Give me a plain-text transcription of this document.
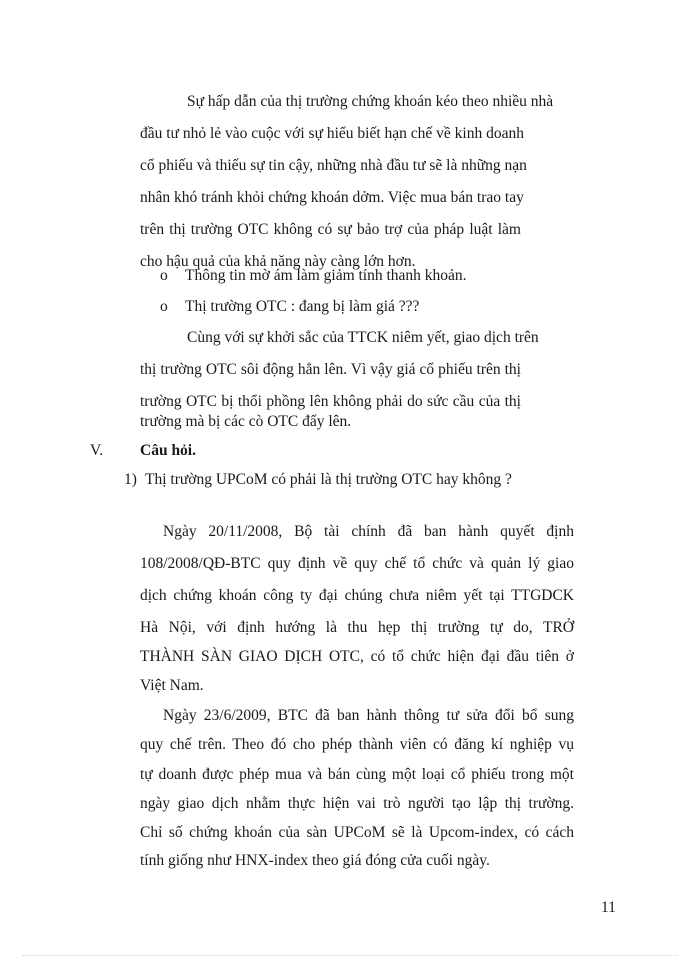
Sự hấp dẫn của thị trường chứng khoán kéo theo nhiều nhà
đầu tư nhỏ lẻ vào cuộc với sự hiểu biết hạn chế về kinh doanh
cổ phiếu và thiếu sự tin cậy, những nhà đầu tư sẽ là những nạn
nhân khó tránh khỏi chứng khoán dởm. Việc mua bán trao tay
trên thị trường OTC không có sự bảo trợ của pháp luật làm
cho hậu quả của khả năng này càng lớn hơn.
o Thông tin mờ ám làm giảm tính thanh khoản.
o Thị trường OTC : đang bị làm giá ???
Cùng với sự khởi sắc của TTCK niêm yết, giao dịch trên
thị trường OTC sôi động hẳn lên. Vì vậy giá cổ phiếu trên thị
trường OTC bị thổi phồng lên không phải do sức cầu của thị
trường mà bị các cò OTC đẩy lên.
V. Câu hỏi.
1) Thị trường UPCoM có phải là thị trường OTC hay không ?
Ngày 20/11/2008, Bộ tài chính đã ban hành quyết định
108/2008/QĐ-BTC quy định về quy chế tổ chức và quản lý giao
dịch chứng khoán công ty đại chúng chưa niêm yết tại TTGDCK
Hà Nội, với định hướng là thu hẹp thị trường tự do, TRỞ
THÀNH SÀN GIAO DỊCH OTC, có tổ chức hiện đại đầu tiên ở
Việt Nam.
Ngày 23/6/2009, BTC đã ban hành thông tư sửa đổi bổ sung
quy chế trên. Theo đó cho phép thành viên có đăng kí nghiệp vụ
tự doanh được phép mua và bán cùng một loại cổ phiếu trong một
ngày giao dịch nhằm thực hiện vai trò người tạo lập thị trường.
Chỉ số chứng khoán của sàn UPCoM sẽ là Upcom-index, có cách
tính giống như HNX-index theo giá đóng cửa cuối ngày.
11
